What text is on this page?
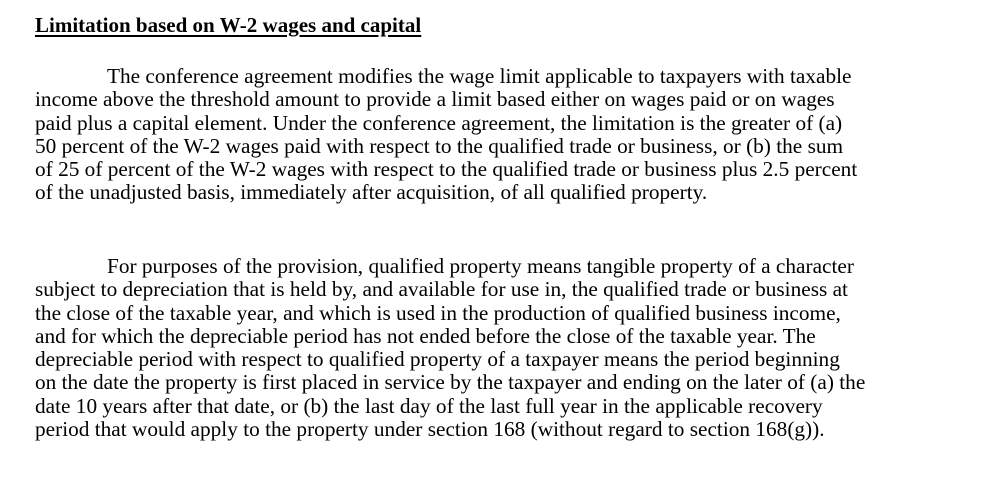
Limitation based on W-2 wages and capital
The conference agreement modifies the wage limit applicable to taxpayers with taxable
income above the threshold amount to provide a limit based either on wages paid or on wages
paid plus a capital element. Under the conference agreement, the limitation is the greater of (a)
50 percent of the W-2 wages paid with respect to the qualified trade or business, or (b) the sum
of 25 of percent of the W-2 wages with respect to the qualified trade or business plus 2.5 percent
of the unadjusted basis, immediately after acquisition, of all qualified property.
For purposes of the provision, qualified property means tangible property of a character
subject to depreciation that is held by, and available for use in, the qualified trade or business at
the close of the taxable year, and which is used in the production of qualified business income,
and for which the depreciable period has not ended before the close of the taxable year. The
depreciable period with respect to qualified property of a taxpayer means the period beginning
on the date the property is first placed in service by the taxpayer and ending on the later of (a) the
date 10 years after that date, or (b) the last day of the last full year in the applicable recovery
period that would apply to the property under section 168 (without regard to section 168(g)).
